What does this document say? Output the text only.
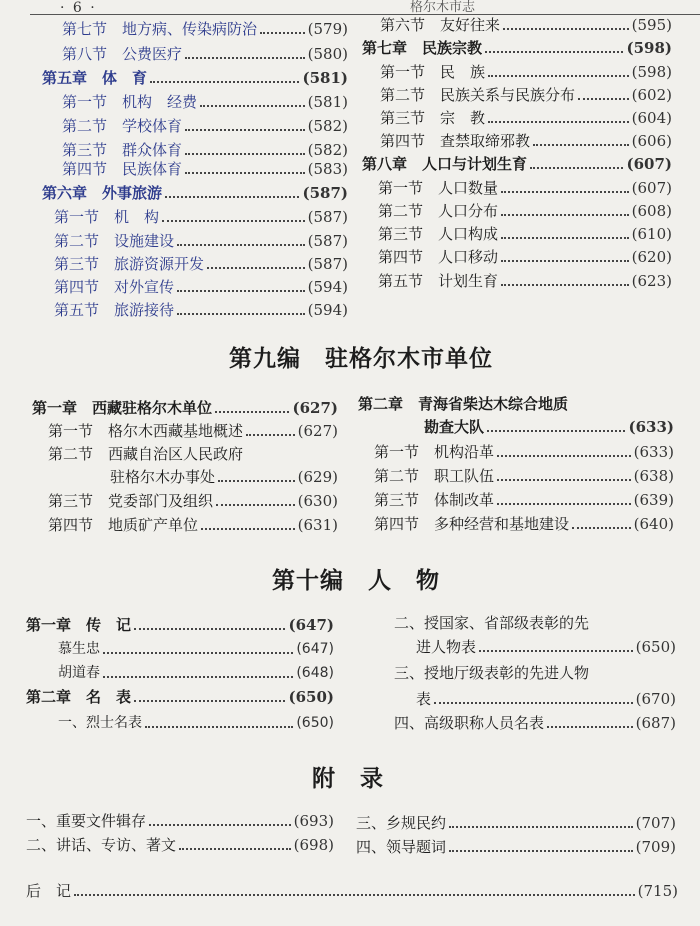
· 6 ·	格尔木市志
第七节　地方病、传染病防治	(579)
第八节　公费医疗	(580)
第五章　体　育	(581)
第一节　机构　经费	(581)
第二节　学校体育	(582)
第三节　群众体育	(582)
第四节　民族体育	(583)
第六章　外事旅游	(587)
第一节　机　构	(587)
第二节　设施建设	(587)
第三节　旅游资源开发	(587)
第四节　对外宣传	(594)
第五节　旅游接待	(594)
第六节　友好往来	(595)
第七章　民族宗教	(598)
第一节　民　族	(598)
第二节　民族关系与民族分布	(602)
第三节　宗　教	(604)
第四节　查禁取缔邪教	(606)
第八章　人口与计划生育	(607)
第一节　人口数量	(607)
第二节　人口分布	(608)
第三节　人口构成	(610)
第四节　人口移动	(620)
第五节　计划生育	(623)
第九编　驻格尔木市单位
第一章　西藏驻格尔木单位	(627)
第一节　格尔木西藏基地概述	(627)
第二节　西藏自治区人民政府
驻格尔木办事处	(629)
第三节　党委部门及组织	(630)
第四节　地质矿产单位	(631)
第二章　青海省柴达木综合地质
勘查大队	(633)
第一节　机构沿革	(633)
第二节　职工队伍	(638)
第三节　体制改革	(639)
第四节　多种经营和基地建设	(640)
第十编　人　物
第一章　传　记	(647)
慕生忠	(647)
胡道春	(648)
第二章　名　表	(650)
一、烈士名表	(650)
二、授国家、省部级表彰的先
进人物表	(650)
三、授地厅级表彰的先进人物
表	(670)
四、高级职称人员名表	(687)
附　录
一、重要文件辑存	(693)
二、讲话、专访、著文	(698)
三、乡规民约	(707)
四、领导题词	(709)
后　记	(715)
